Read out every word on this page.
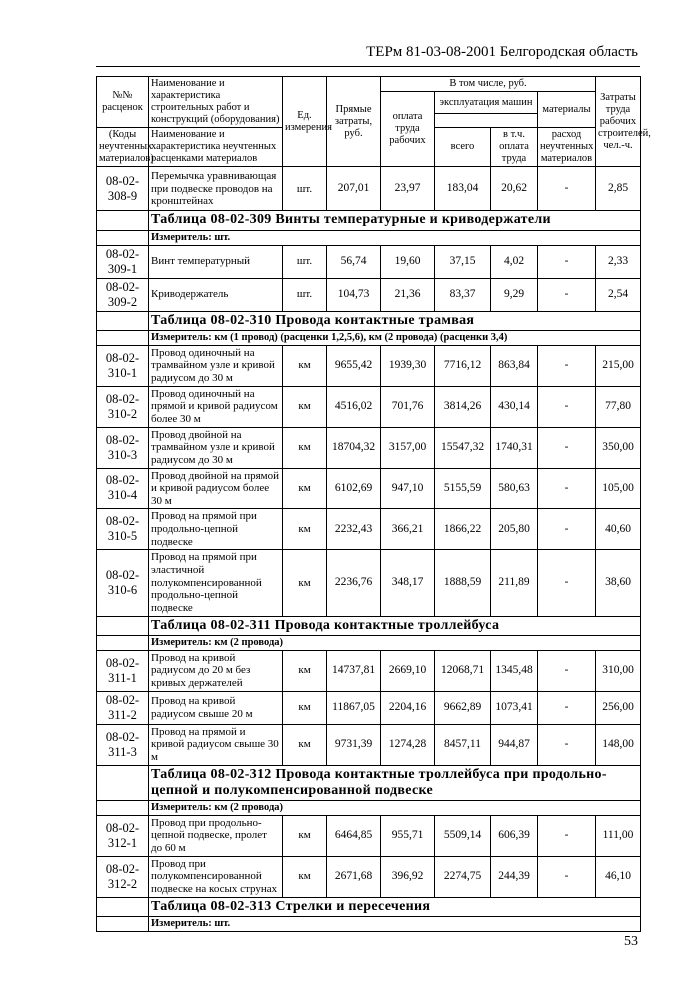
ТЕРм 81-03-08-2001 Белгородская область
№№ расценок	Наименование и характеристика строительных работ и конструкций (оборудования)	Ед. измерения	Прямые затраты, руб.	В том числе, руб.				Затраты труда рабочих строителей, чел.-ч.
				оплата труда рабочих	эксплуатация машин		материалы	

(Коды неучтенных материалов)	Наименование и характеристика неучтенных расценками материалов				всего	в т.ч. оплата труда	расход неучтенных материалов	

08-02-308-9	Перемычка уравнивающая при подвеске проводов на кронштейнах	шт.	207,01	23,97	183,04	20,62	-	2,85
	Таблица 08-02-309 Винты температурные и криводержатели							
	Измеритель: шт.							
08-02-309-1	Винт температурный	шт.	56,74	19,60	37,15	4,02	-	2,33
08-02-309-2	Криводержатель	шт.	104,73	21,36	83,37	9,29	-	2,54
	Таблица 08-02-310 Провода контактные трамвая							
	Измеритель: км (1 провод) (расценки 1,2,5,6), км (2 провода) (расценки 3,4)							
08-02-310-1	Провод одиночный на трамвайном узле и кривой радиусом до 30 м	км	9655,42	1939,30	7716,12	863,84	-	215,00
08-02-310-2	Провод одиночный на прямой и кривой радиусом более 30 м	км	4516,02	701,76	3814,26	430,14	-	77,80
08-02-310-3	Провод двойной на трамвайном узле и кривой радиусом до 30 м	км	18704,32	3157,00	15547,32	1740,31	-	350,00
08-02-310-4	Провод двойной на прямой и кривой радиусом более 30 м	км	6102,69	947,10	5155,59	580,63	-	105,00
08-02-310-5	Провод на прямой при продольно-цепной подвеске	км	2232,43	366,21	1866,22	205,80	-	40,60
08-02-310-6	Провод на прямой при эластичной полукомпенсированной продольно-цепной подвеске	км	2236,76	348,17	1888,59	211,89	-	38,60
	Таблица 08-02-311 Провода контактные троллейбуса							
	Измеритель: км (2 провода)							
08-02-311-1	Провод на кривой радиусом до 20 м без кривых держателей	км	14737,81	2669,10	12068,71	1345,48	-	310,00
08-02-311-2	Провод на кривой радиусом свыше 20 м	км	11867,05	2204,16	9662,89	1073,41	-	256,00
08-02-311-3	Провод на прямой и кривой радиусом свыше 30 м	км	9731,39	1274,28	8457,11	944,87	-	148,00
	Таблица 08-02-312 Провода контактные троллейбуса при продольно-цепной и полукомпенсированной подвеске							
	Измеритель: км (2 провода)							
08-02-312-1	Провод при продольно-цепной подвеске, пролет до 60 м	км	6464,85	955,71	5509,14	606,39	-	111,00
08-02-312-2	Провод при полукомпенсированной подвеске на косых струнах	км	2671,68	396,92	2274,75	244,39	-	46,10
	Таблица 08-02-313 Стрелки и пересечения							
	Измеритель: шт.							
53
